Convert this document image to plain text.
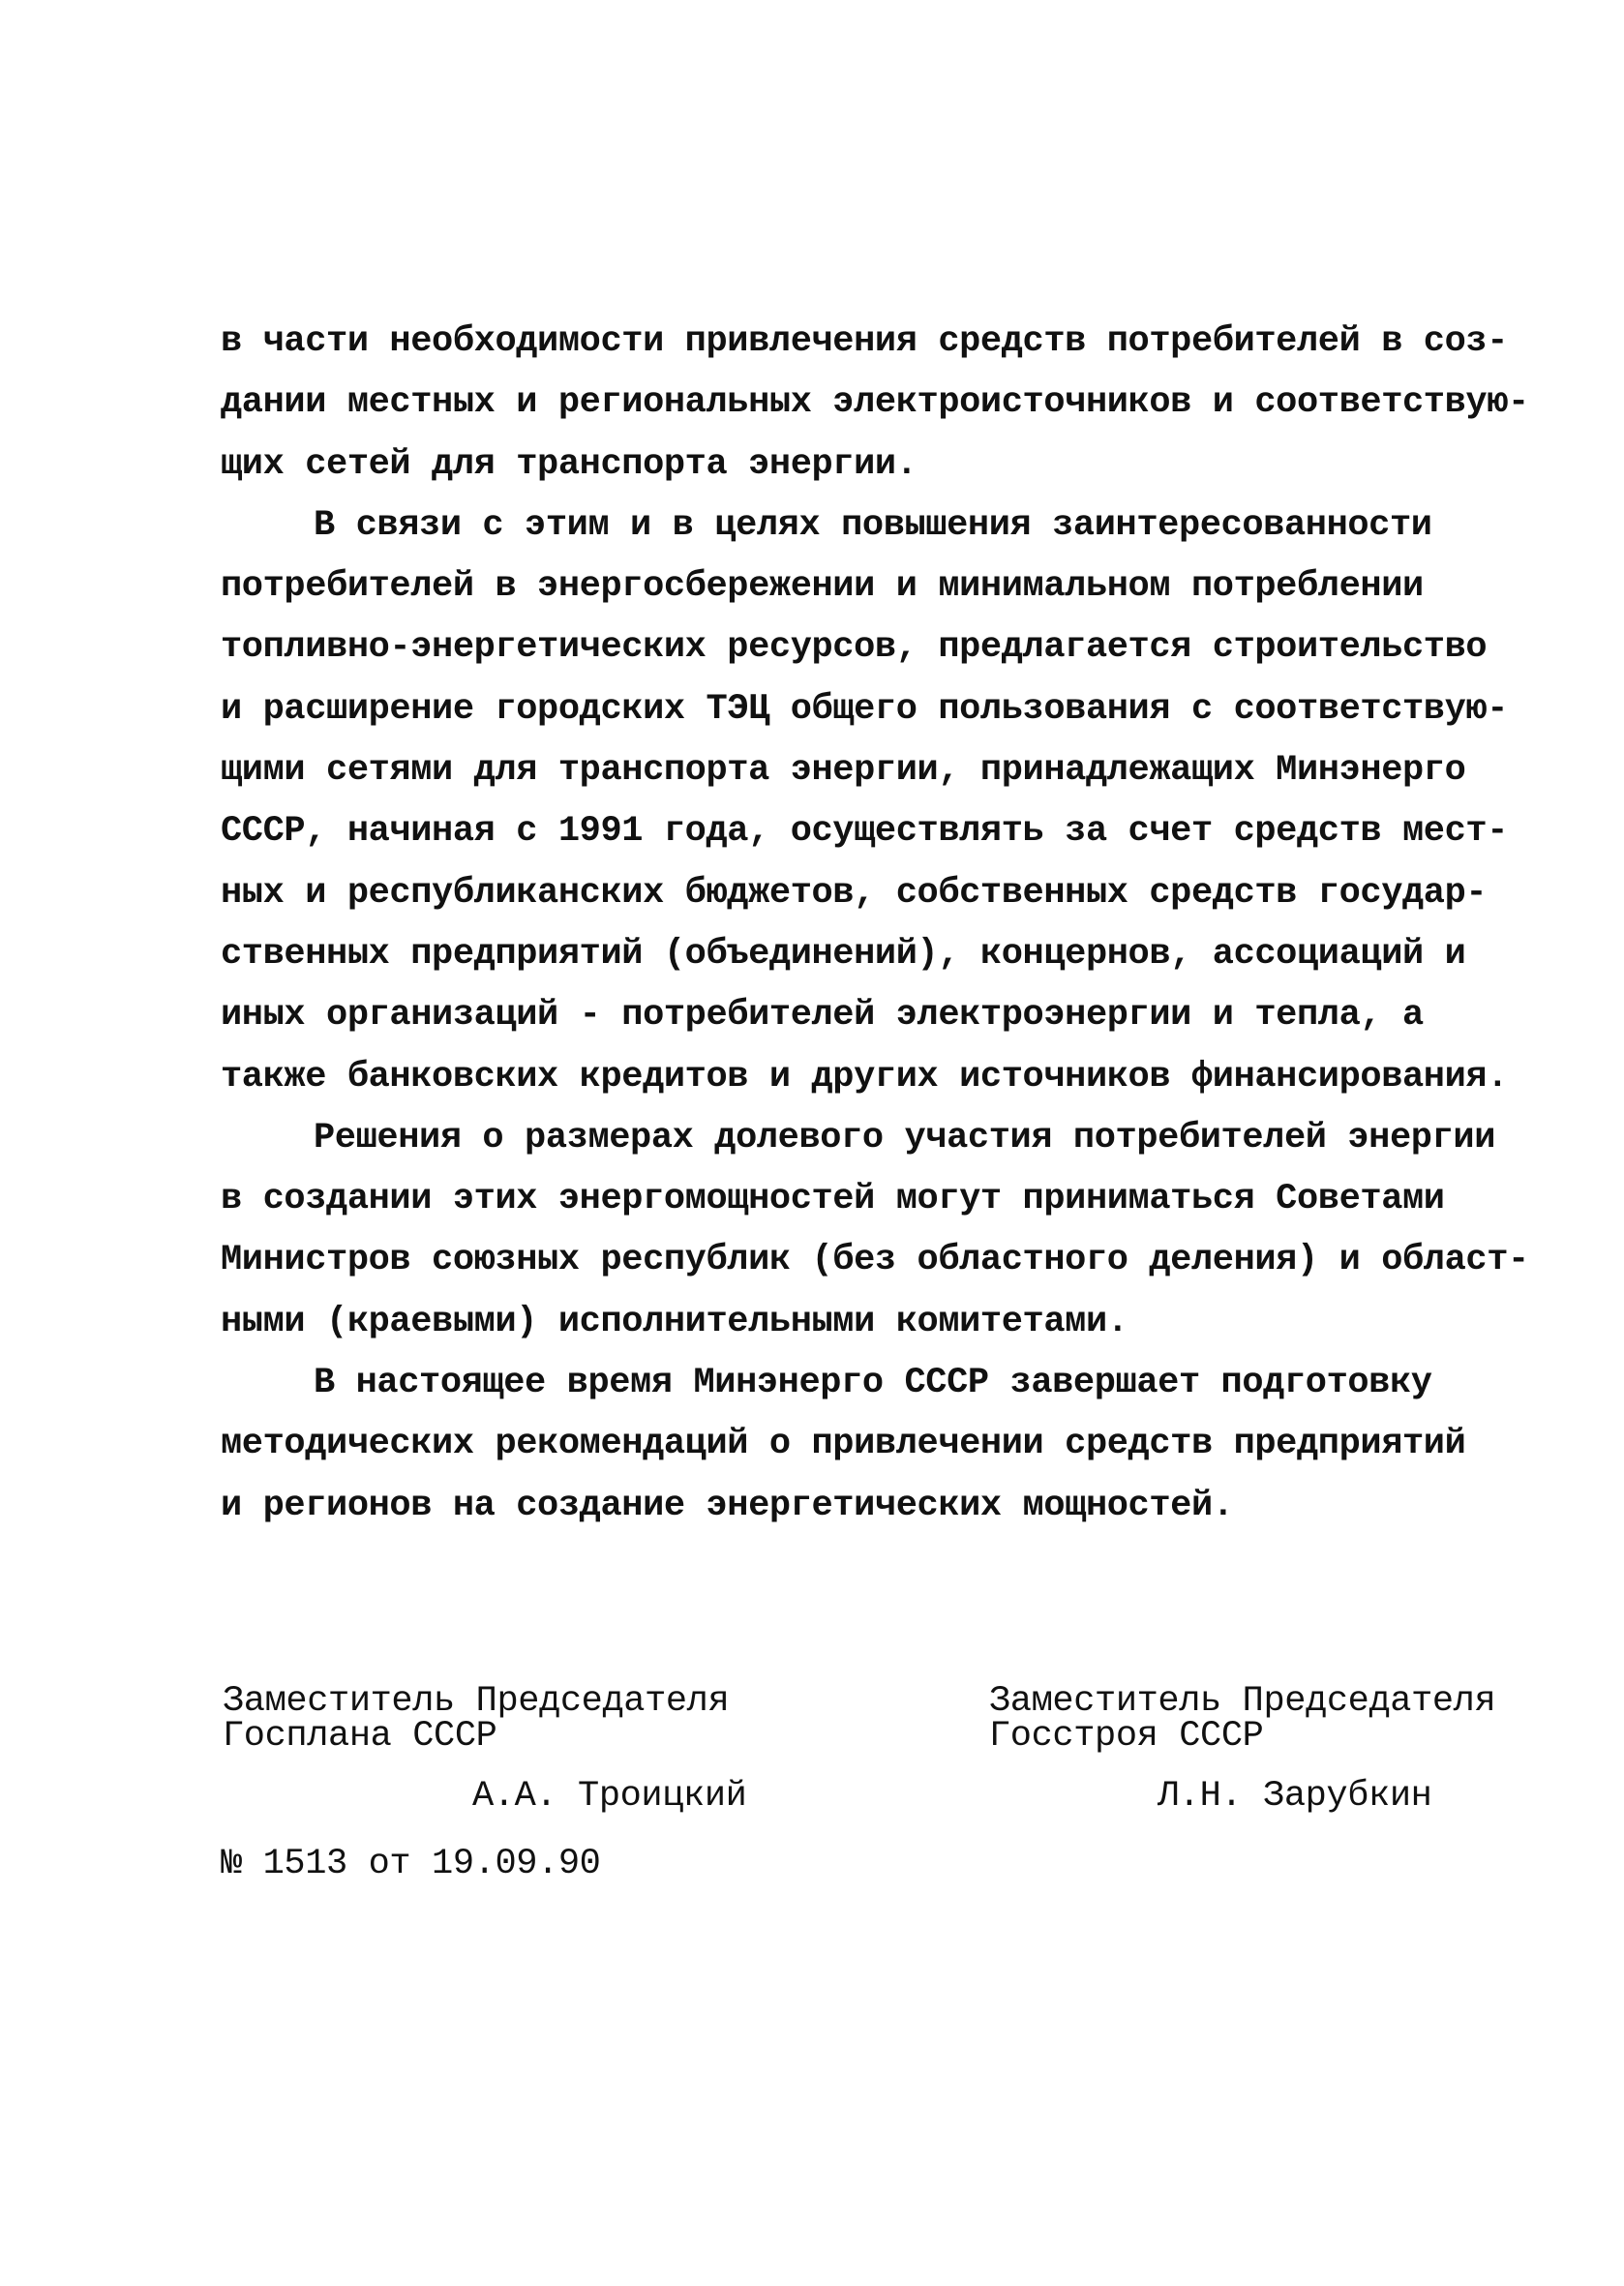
в части необходимости привлечения средств потребителей в соз-
дании местных и региональных электроисточников и соответствую-
щих сетей для транспорта энергии.
В связи с этим и в целях повышения заинтересованности
потребителей в энергосбережении и минимальном потреблении
топливно-энергетических ресурсов, предлагается строительство
и расширение городских ТЭЦ общего пользования с соответствую-
щими сетями для транспорта энергии, принадлежащих Минэнерго
СССР, начиная с 1991 года, осуществлять за счет средств мест-
ных и республиканских бюджетов, собственных средств государ-
ственных предприятий (объединений), концернов, ассоциаций и
иных организаций - потребителей электроэнергии и тепла, а
также банковских кредитов и других источников финансирования.
Решения о размерах долевого участия потребителей энергии
в создании этих энергомощностей могут приниматься Советами
Министров союзных республик (без областного деления) и област-
ными (краевыми) исполнительными комитетами.
В настоящее время Минэнерго СССР завершает подготовку
методических рекомендаций о привлечении средств предприятий
и регионов на создание энергетических мощностей.
Заместитель Председателя
Госплана СССР
Заместитель Председателя
Госстроя СССР
А.А. Троицкий	Л.Н. Зарубкин
№ 1513 от 19.09.90
